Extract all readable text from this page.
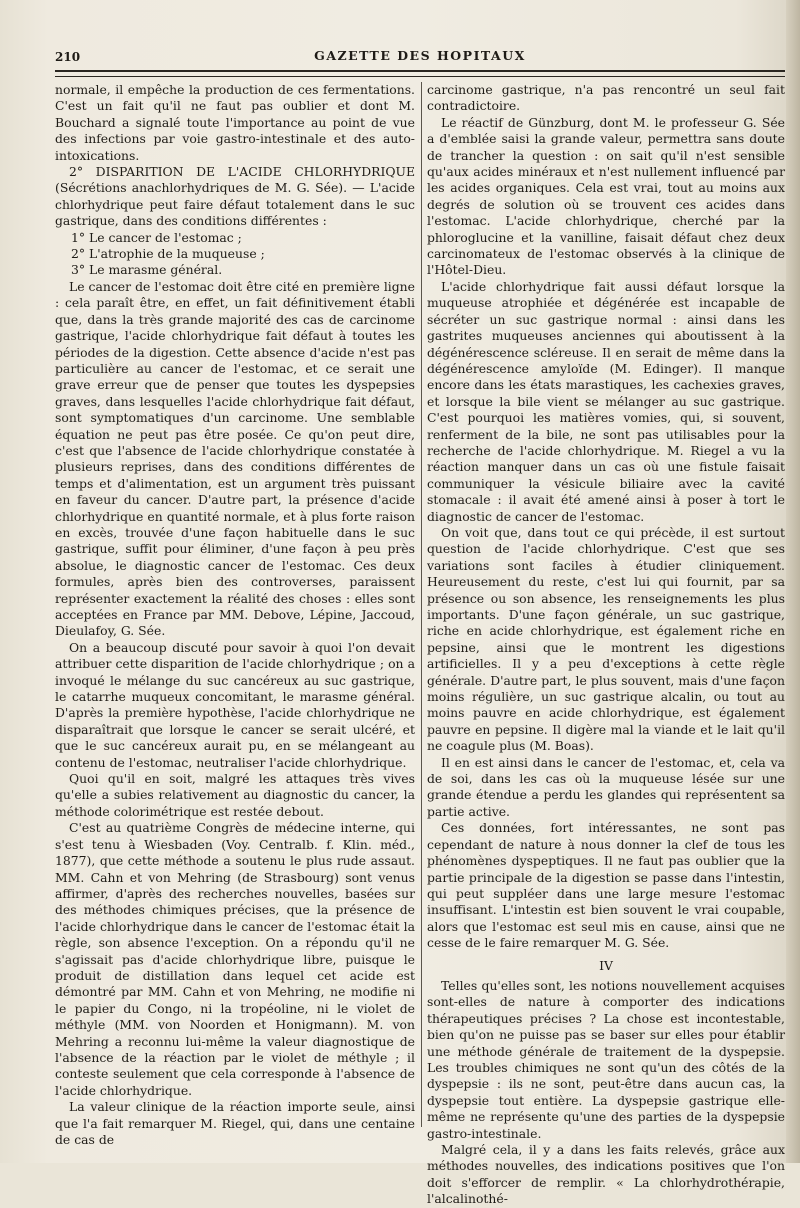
210	GAZETTE DES HOPITAUX

normale, il empêche la production de ces fermentations. C'est un fait qu'il ne faut pas oublier et dont M. Bouchard a signalé toute l'importance au point de vue des infections par voie gastro-intestinale et des auto-intoxications.

2° DISPARITION DE L'ACIDE CHLORHYDRIQUE (Sécrétions anachlorhydriques de M. G. Sée). — L'acide chlorhydrique peut faire défaut totalement dans le suc gastrique, dans des conditions différentes :

1° Le cancer de l'estomac ;

2° L'atrophie de la muqueuse ;

3° Le marasme général.

Le cancer de l'estomac doit être cité en première ligne : cela paraît être, en effet, un fait définitivement établi que, dans la très grande majorité des cas de carcinome gastrique, l'acide chlorhydrique fait défaut à toutes les périodes de la digestion. Cette absence d'acide n'est pas particulière au cancer de l'estomac, et ce serait une grave erreur que de penser que toutes les dyspepsies graves, dans lesquelles l'acide chlorhydrique fait défaut, sont symptomatiques d'un carcinome. Une semblable équation ne peut pas être posée. Ce qu'on peut dire, c'est que l'absence de l'acide chlorhydrique constatée à plusieurs reprises, dans des conditions différentes de temps et d'alimentation, est un argument très puissant en faveur du cancer. D'autre part, la présence d'acide chlorhydrique en quantité normale, et à plus forte raison en excès, trouvée d'une façon habituelle dans le suc gastrique, suffit pour éliminer, d'une façon à peu près absolue, le diagnostic cancer de l'estomac. Ces deux formules, après bien des controverses, paraissent représenter exactement la réalité des choses : elles sont acceptées en France par MM. Debove, Lépine, Jaccoud, Dieulafoy, G. Sée.

On a beaucoup discuté pour savoir à quoi l'on devait attribuer cette disparition de l'acide chlorhydrique ; on a invoqué le mélange du suc cancéreux au suc gastrique, le catarrhe muqueux concomitant, le marasme général. D'après la première hypothèse, l'acide chlorhydrique ne disparaîtrait que lorsque le cancer se serait ulcéré, et que le suc cancéreux aurait pu, en se mélangeant au contenu de l'estomac, neutraliser l'acide chlorhydrique.

Quoi qu'il en soit, malgré les attaques très vives qu'elle a subies relativement au diagnostic du cancer, la méthode colorimétrique est restée debout.

C'est au quatrième Congrès de médecine interne, qui s'est tenu à Wiesbaden (Voy. Centralb. f. Klin. méd., 1877), que cette méthode a soutenu le plus rude assaut. MM. Cahn et von Mehring (de Strasbourg) sont venus affirmer, d'après des recherches nouvelles, basées sur des méthodes chimiques précises, que la présence de l'acide chlorhydrique dans le cancer de l'estomac était la règle, son absence l'exception. On a répondu qu'il ne s'agissait pas d'acide chlorhydrique libre, puisque le produit de distillation dans lequel cet acide est démontré par MM. Cahn et von Mehring, ne modifie ni le papier du Congo, ni la tropéoline, ni le violet de méthyle (MM. von Noorden et Honigmann). M. von Mehring a reconnu lui-même la valeur diagnostique de l'absence de la réaction par le violet de méthyle ; il conteste seulement que cela corresponde à l'absence de l'acide chlorhydrique.

La valeur clinique de la réaction importe seule, ainsi que l'a fait remarquer M. Riegel, qui, dans une centaine de cas de

carcinome gastrique, n'a pas rencontré un seul fait contradictoire.

Le réactif de Günzburg, dont M. le professeur G. Sée a d'emblée saisi la grande valeur, permettra sans doute de trancher la question : on sait qu'il n'est sensible qu'aux acides minéraux et n'est nullement influencé par les acides organiques. Cela est vrai, tout au moins aux degrés de solution où se trouvent ces acides dans l'estomac. L'acide chlorhydrique, cherché par la phloroglucine et la vanilline, faisait défaut chez deux carcinomateux de l'estomac observés à la clinique de l'Hôtel-Dieu.

L'acide chlorhydrique fait aussi défaut lorsque la muqueuse atrophiée et dégénérée est incapable de sécréter un suc gastrique normal : ainsi dans les gastrites muqueuses anciennes qui aboutissent à la dégénérescence scléreuse. Il en serait de même dans la dégénérescence amyloïde (M. Edinger). Il manque encore dans les états marastiques, les cachexies graves, et lorsque la bile vient se mélanger au suc gastrique. C'est pourquoi les matières vomies, qui, si souvent, renferment de la bile, ne sont pas utilisables pour la recherche de l'acide chlorhydrique. M. Riegel a vu la réaction manquer dans un cas où une fistule faisait communiquer la vésicule biliaire avec la cavité stomacale : il avait été amené ainsi à poser à tort le diagnostic de cancer de l'estomac.

On voit que, dans tout ce qui précède, il est surtout question de l'acide chlorhydrique. C'est que ses variations sont faciles à étudier cliniquement. Heureusement du reste, c'est lui qui fournit, par sa présence ou son absence, les renseignements les plus importants. D'une façon générale, un suc gastrique, riche en acide chlorhydrique, est également riche en pepsine, ainsi que le montrent les digestions artificielles. Il y a peu d'exceptions à cette règle générale. D'autre part, le plus souvent, mais d'une façon moins régulière, un suc gastrique alcalin, ou tout au moins pauvre en acide chlorhydrique, est également pauvre en pepsine. Il digère mal la viande et le lait qu'il ne coagule plus (M. Boas).

Il en est ainsi dans le cancer de l'estomac, et, cela va de soi, dans les cas où la muqueuse lésée sur une grande étendue a perdu les glandes qui représentent sa partie active.

Ces données, fort intéressantes, ne sont pas cependant de nature à nous donner la clef de tous les phénomènes dyspeptiques. Il ne faut pas oublier que la partie principale de la digestion se passe dans l'intestin, qui peut suppléer dans une large mesure l'estomac insuffisant. L'intestin est bien souvent le vrai coupable, alors que l'estomac est seul mis en cause, ainsi que ne cesse de le faire remarquer M. G. Sée.

IV

Telles qu'elles sont, les notions nouvellement acquises sont-elles de nature à comporter des indications thérapeutiques précises ? La chose est incontestable, bien qu'on ne puisse pas se baser sur elles pour établir une méthode générale de traitement de la dyspepsie. Les troubles chimiques ne sont qu'un des côtés de la dyspepsie : ils ne sont, peut-être dans aucun cas, la dyspepsie tout entière. La dyspepsie gastrique elle-même ne représente qu'une des parties de la dyspepsie gastro-intestinale.

Malgré cela, il y a dans les faits relevés, grâce aux méthodes nouvelles, des indications positives que l'on doit s'efforcer de remplir. « La chlorhydrothérapie, l'alcalinothé-
